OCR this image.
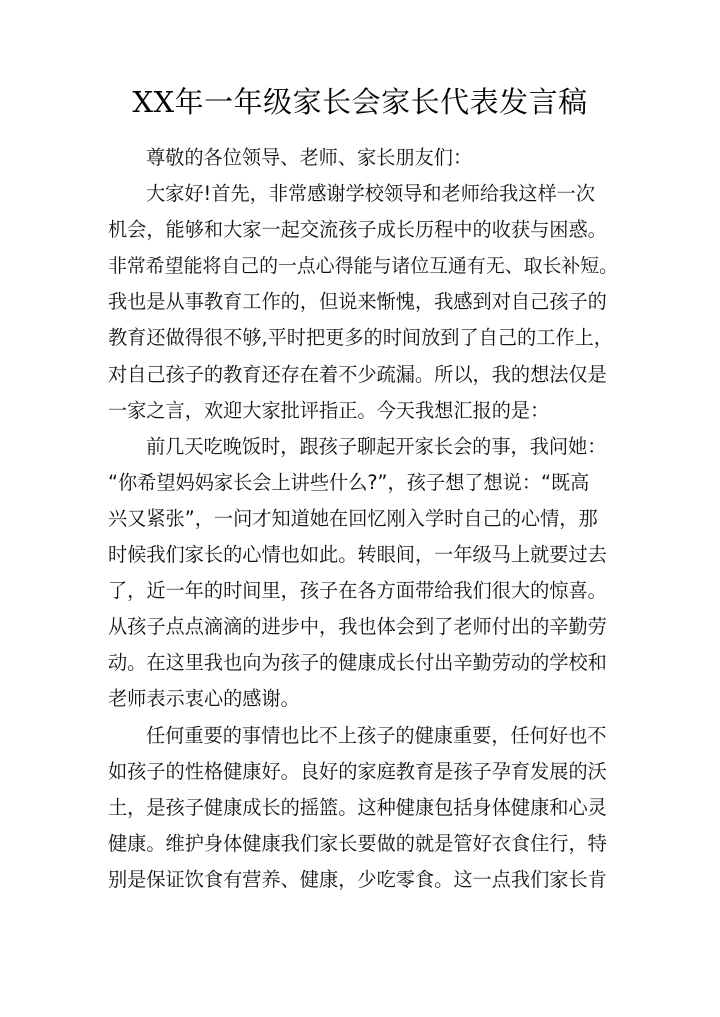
XX年一年级家长会家长代表发言稿
尊敬的各位领导、老师、家长朋友们：
大家好!首先，非常感谢学校领导和老师给我这样一次
机会，能够和大家一起交流孩子成长历程中的收获与困惑。
非常希望能将自己的一点心得能与诸位互通有无、取长补短。
我也是从事教育工作的，但说来惭愧，我感到对自己孩子的
教育还做得很不够,平时把更多的时间放到了自己的工作上，
对自己孩子的教育还存在着不少疏漏。所以，我的想法仅是
一家之言，欢迎大家批评指正。今天我想汇报的是：
前几天吃晚饭时，跟孩子聊起开家长会的事，我问她：
“你希望妈妈家长会上讲些什么?”，孩子想了想说：“既高
兴又紧张”，一问才知道她在回忆刚入学时自己的心情，那
时候我们家长的心情也如此。转眼间，一年级马上就要过去
了，近一年的时间里，孩子在各方面带给我们很大的惊喜。
从孩子点点滴滴的进步中，我也体会到了老师付出的辛勤劳
动。在这里我也向为孩子的健康成长付出辛勤劳动的学校和
老师表示衷心的感谢。
任何重要的事情也比不上孩子的健康重要，任何好也不
如孩子的性格健康好。良好的家庭教育是孩子孕育发展的沃
土，是孩子健康成长的摇篮。这种健康包括身体健康和心灵
健康。维护身体健康我们家长要做的就是管好衣食住行，特
别是保证饮食有营养、健康，少吃零食。这一点我们家长肯
